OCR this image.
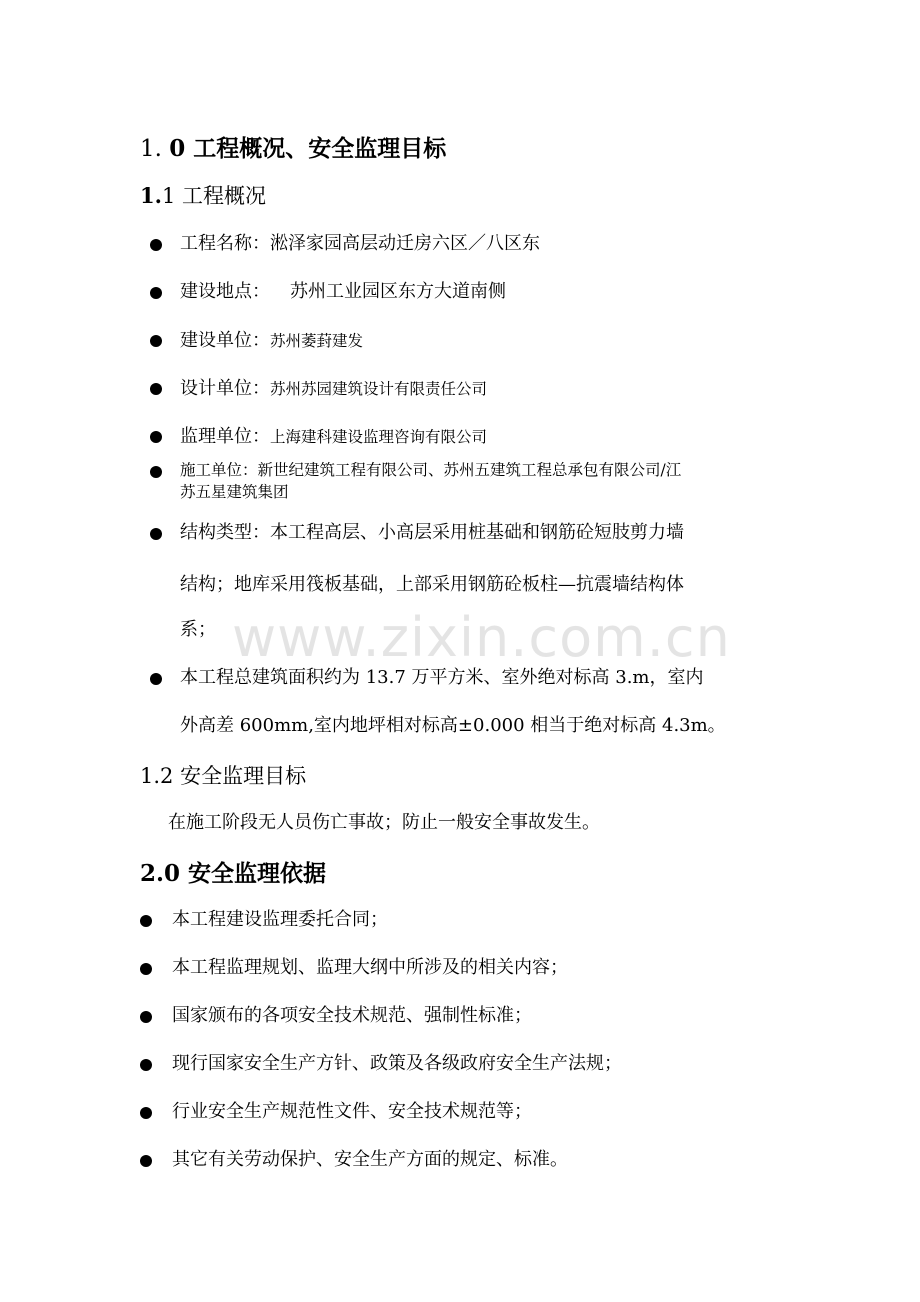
1. 0 工程概况、安全监理目标
1.1 工程概况
工程名称：淞泽家园高层动迁房六区／八区东
建设地点： 苏州工业园区东方大道南侧
建设单位：苏州萎葑建发
设计单位：苏州苏园建筑设计有限责任公司
监理单位：上海建科建设监理咨询有限公司
施工单位：新世纪建筑工程有限公司、苏州五建筑工程总承包有限公司/江
苏五星建筑集团
结构类型：本工程高层、小高层采用桩基础和钢筋砼短肢剪力墙
结构；地库采用筏板基础，上部采用钢筋砼板柱—抗震墙结构体
系；
本工程总建筑面积约为 13.7 万平方米、室外绝对标高 3.m，室内
外高差 600mm,室内地坪相对标高±0.000 相当于绝对标高 4.3m。
1.2 安全监理目标
在施工阶段无人员伤亡事故；防止一般安全事故发生。
2.0 安全监理依据
本工程建设监理委托合同；
本工程监理规划、监理大纲中所涉及的相关内容；
国家颁布的各项安全技术规范、强制性标准；
现行国家安全生产方针、政策及各级政府安全生产法规；
行业安全生产规范性文件、安全技术规范等；
其它有关劳动保护、安全生产方面的规定、标准。
www.zixin.com.cn
